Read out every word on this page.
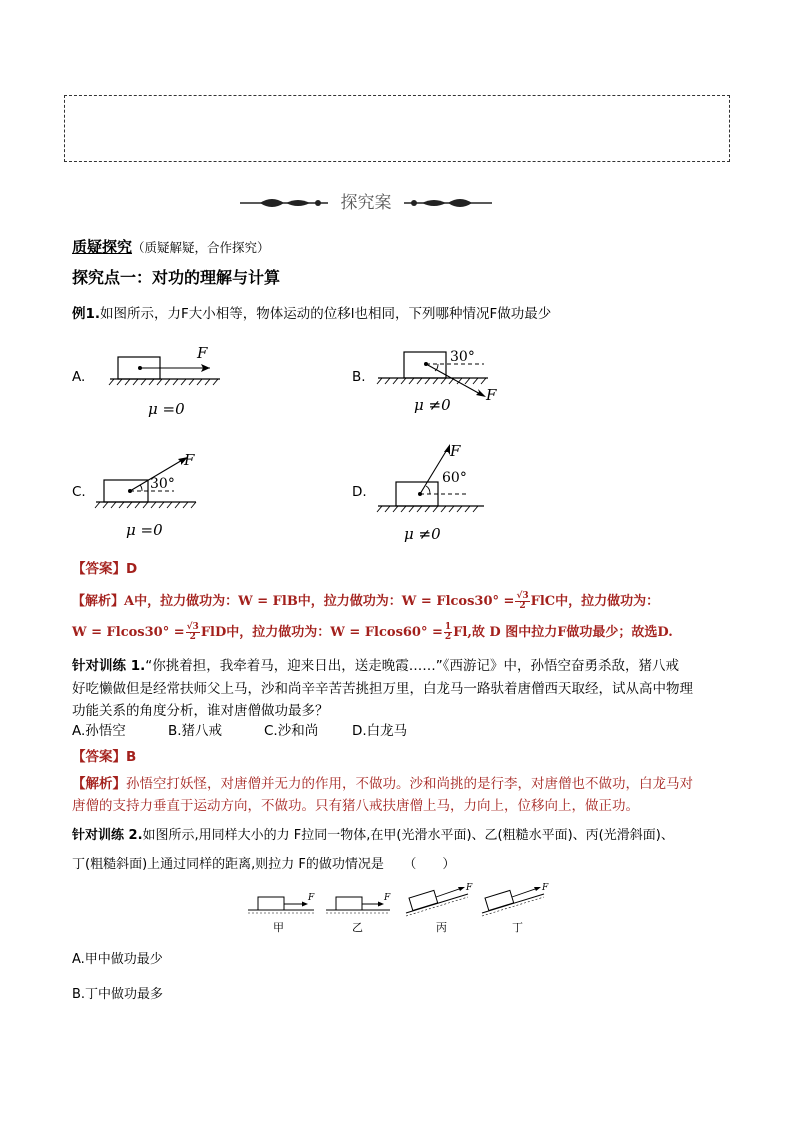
探究案
质疑探究（质疑解疑，合作探究）
探究点一：对功的理解与计算
例1.如图所示，力F大小相等，物体运动的位移l也相同，下列哪种情况F做功最少
A.
F
μ =0
B.
30°
F
μ ≠0
C.	30°
F
μ =0
D.
60°
F
μ ≠0
【答案】D
【解析】A中，拉力做功为：W = FlB中，拉力做功为：$W = Flcos30^\circ = \frac{√3}{2}$ FlC中，拉力做功为：
$W = Flcos30^\circ = \frac{√3}{2}$ FlD中，拉力做功为：$W = Flcos60^\circ = \frac{1}{2} Fl$,故 D 图中拉力F做功最少；故选D.
针对训练 1.“你挑着担，我牵着马，迎来日出，送走晚霞……”《西游记》中，孙悟空奋勇杀敌，猪八戒
好吃懒做但是经常扶师父上马，沙和尚辛辛苦苦挑担万里，白龙马一路驮着唐僧西天取经，试从高中物理
功能关系的角度分析，谁对唐僧做功最多？
A.孙悟空	B.猪八戒	C.沙和尚	D.白龙马
【答案】B
【解析】孙悟空打妖怪，对唐僧并无力的作用，不做功。沙和尚挑的是行李，对唐僧也不做功，白龙马对
唐僧的支持力垂直于运动方向，不做功。只有猪八戒扶唐僧上马，力向上，位移向上，做正功。
针对训练 2.如图所示,用同样大小的力 F拉同一物体,在甲(光滑水平面)、乙(粗糙水平面)、丙(光滑斜面)、
丁(粗糙斜面)上通过同样的距离,则拉力 F的做功情况是　　（　　）
F
甲
F
乙
F
丙
F
丁
A.甲中做功最少
B.丁中做功最多
